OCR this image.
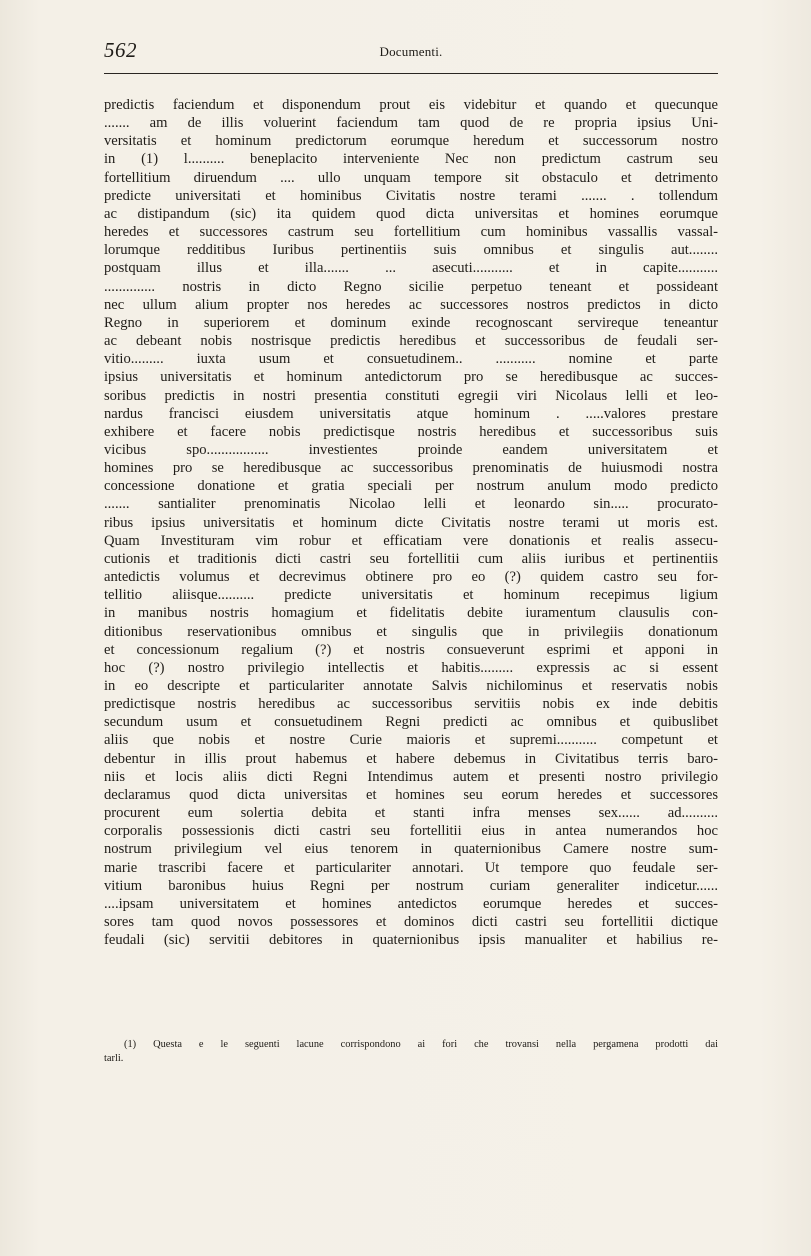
562	Documenti.
predictis faciendum et disponendum prout eis videbitur et quando et quecunque
....... am de illis voluerint faciendum tam quod de re propria ipsius Uni-
versitatis et hominum predictorum eorumque heredum et successorum nostro
in (1) l.......... beneplacito interveniente Nec non predictum castrum seu
fortellitium diruendum .... ullo unquam tempore sit obstaculo et detrimento
predicte universitati et hominibus Civitatis nostre terami ....... . tollendum
ac distipandum (sic) ita quidem quod dicta universitas et homines eorumque
heredes et successores castrum seu fortellitium cum hominibus vassallis vassal-
lorumque redditibus Iuribus pertinentiis suis omnibus et singulis aut........
postquam illus et illa....... ... asecuti........... et in capite...........
.............. nostris in dicto Regno sicilie perpetuo teneant et possideant
nec ullum alium propter nos heredes ac successores nostros predictos in dicto
Regno in superiorem et dominum exinde recognoscant servireque teneantur
ac debeant nobis nostrisque predictis heredibus et successoribus de feudali ser-
vitio......... iuxta usum et consuetudinem.. ........... nomine et parte
ipsius universitatis et hominum antedictorum pro se heredibusque ac succes-
soribus predictis in nostri presentia constituti egregii viri Nicolaus lelli et leo-
nardus francisci eiusdem universitatis atque hominum . .....valores prestare
exhibere et facere nobis predictisque nostris heredibus et successoribus suis
vicibus spo................. investientes proinde eandem universitatem et
homines pro se heredibusque ac successoribus prenominatis de huiusmodi nostra
concessione donatione et gratia speciali per nostrum anulum modo predicto
....... santialiter prenominatis Nicolao lelli et leonardo sin..... procurato-
ribus ipsius universitatis et hominum dicte Civitatis nostre terami ut moris est.
Quam Investituram vim robur et efficatiam vere donationis et realis assecu-
cutionis et traditionis dicti castri seu fortellitii cum aliis iuribus et pertinentiis
antedictis volumus et decrevimus obtinere pro eo (?) quidem castro seu for-
tellitio aliisque.......... predicte universitatis et hominum recepimus ligium
in manibus nostris homagium et fidelitatis debite iuramentum clausulis con-
ditionibus reservationibus omnibus et singulis que in privilegiis donationum
et concessionum regalium (?) et nostris consueverunt esprimi et apponi in
hoc (?) nostro privilegio intellectis et habitis......... expressis ac si essent
in eo descripte et particulariter annotate Salvis nichilominus et reservatis nobis
predictisque nostris heredibus ac successoribus servitiis nobis ex inde debitis
secundum usum et consuetudinem Regni predicti ac omnibus et quibuslibet
aliis que nobis et nostre Curie maioris et supremi........... competunt et
debentur in illis prout habemus et habere debemus in Civitatibus terris baro-
niis et locis aliis dicti Regni Intendimus autem et presenti nostro privilegio
declaramus quod dicta universitas et homines seu eorum heredes et successores
procurent eum solertia debita et stanti infra menses sex...... ad..........
corporalis possessionis dicti castri seu fortellitii eius in antea numerandos hoc
nostrum privilegium vel eius tenorem in quaternionibus Camere nostre sum-
marie trascribi facere et particulariter annotari. Ut tempore quo feudale ser-
vitium baronibus huius Regni per nostrum curiam generaliter indicetur......
....ipsam universitatem et homines antedictos eorumque heredes et succes-
sores tam quod novos possessores et dominos dicti castri seu fortellitii dictique
feudali (sic) servitii debitores in quaternionibus ipsis manualiter et habilius re-
(1) Questa e le seguenti lacune corrispondono ai fori che trovansi nella pergamena prodotti dai
tarli.
